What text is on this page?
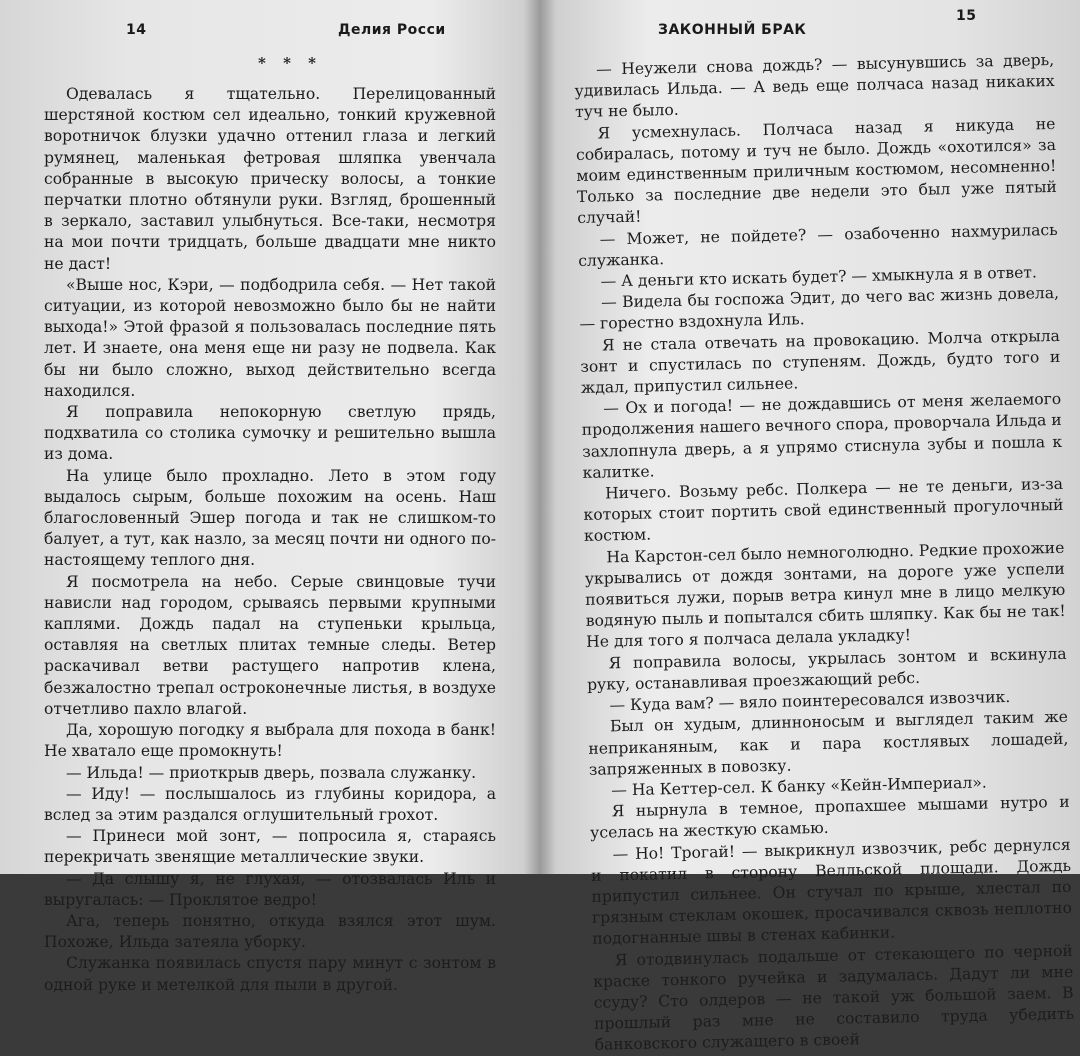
14	Делия Росси
* * *

Одевалась я тщательно. Перелицованный шерстяной костюм сел идеально, тонкий кружевной воротничок блузки удачно оттенил глаза и легкий румянец, маленькая фетровая шляпка увенчала собранные в высокую прическу волосы, а тонкие перчатки плотно обтянули руки. Взгляд, брошенный в зеркало, заставил улыбнуться. Все-таки, несмотря на мои почти тридцать, больше двадцати мне никто не даст!

«Выше нос, Кэри, — подбодрила себя. — Нет такой ситуации, из которой невозможно было бы не найти выхода!» Этой фразой я пользовалась последние пять лет. И знаете, она меня еще ни разу не подвела. Как бы ни было сложно, выход действительно всегда находился.

Я поправила непокорную светлую прядь, подхватила со столика сумочку и решительно вышла из дома.

На улице было прохладно. Лето в этом году выдалось сырым, больше похожим на осень. Наш благословенный Эшер погода и так не слишком-то балует, а тут, как назло, за месяц почти ни одного по-настоящему теплого дня.

Я посмотрела на небо. Серые свинцовые тучи нависли над городом, срываясь первыми крупными каплями. Дождь падал на ступеньки крыльца, оставляя на светлых плитах темные следы. Ветер раскачивал ветви растущего напротив клена, безжалостно трепал остроконечные листья, в воздухе отчетливо пахло влагой.

Да, хорошую погодку я выбрала для похода в банк! Не хватало еще промокнуть!

— Ильда! — приоткрыв дверь, позвала служанку.

— Иду! — послышалось из глубины коридора, а вслед за этим раздался оглушительный грохот.

— Принеси мой зонт, — попросила я, стараясь перекричать звенящие металлические звуки.

— Да слышу я, не глухая, — отозвалась Иль и выругалась: — Проклятое ведро!

Ага, теперь понятно, откуда взялся этот шум. Похоже, Ильда затеяла уборку.

Служанка появилась спустя пару минут с зонтом в одной руке и метелкой для пыли в другой.

ЗАКОННЫЙ БРАК
15

— Неужели снова дождь? — высунувшись за дверь, удивилась Ильда. — А ведь еще полчаса назад никаких туч не было.

Я усмехнулась. Полчаса назад я никуда не собиралась, потому и туч не было. Дождь «охотился» за моим единственным приличным костюмом, несомненно! Только за последние две недели это был уже пятый случай!

— Может, не пойдете? — озабоченно нахмурилась служанка.

— А деньги кто искать будет? — хмыкнула я в ответ.

— Видела бы госпожа Эдит, до чего вас жизнь довела, — горестно вздохнула Иль.

Я не стала отвечать на провокацию. Молча открыла зонт и спустилась по ступеням. Дождь, будто того и ждал, припустил сильнее.

— Ох и погода! — не дождавшись от меня желаемого продолжения нашего вечного спора, проворчала Ильда и захлопнула дверь, а я упрямо стиснула зубы и пошла к калитке.

Ничего. Возьму ребс. Полкера — не те деньги, из-за которых стоит портить свой единственный прогулочный костюм.

На Карстон-сел было немноголюдно. Редкие прохожие укрывались от дождя зонтами, на дороге уже успели появиться лужи, порыв ветра кинул мне в лицо мелкую водяную пыль и попытался сбить шляпку. Как бы не так! Не для того я полчаса делала укладку!

Я поправила волосы, укрылась зонтом и вскинула руку, останавливая проезжающий ребс.

— Куда вам? — вяло поинтересовался извозчик.

Был он худым, длинноносым и выглядел таким же неприканяным, как и пара костлявых лошадей, запряженных в повозку.

— На Кеттер-сел. К банку «Кейн-Империал».

Я нырнула в темное, пропахшее мышами нутро и уселась на жесткую скамью.

— Но! Трогай! — выкрикнул извозчик, ребс дернулся и покатил в сторону Велльской площади. Дождь припустил сильнее. Он стучал по крыше, хлестал по грязным стеклам окошек, просачивался сквозь неплотно подогнанные швы в стенах кабинки.

Я отодвинулась подальше от стекающего по черной краске тонкого ручейка и задумалась. Дадут ли мне ссуду? Сто олдеров — не такой уж большой заем. В прошлый раз мне не составило труда убедить банковского служащего в своей
